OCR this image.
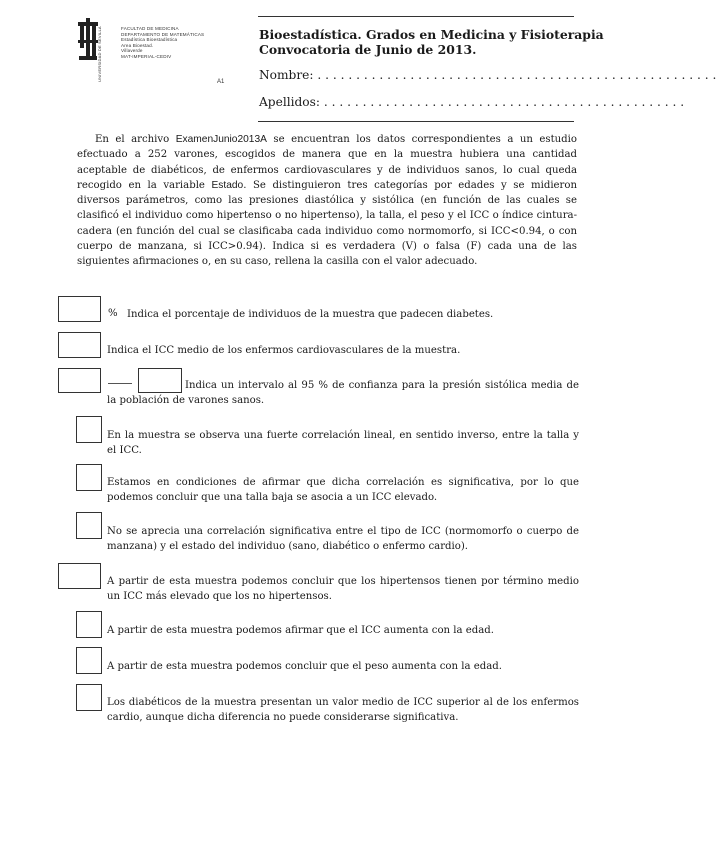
UNIVERSIDAD DE SEVILLA	FACULTAD DE MEDICINA
DEPARTAMENTO DE MATEMÁTICAS
Estadística Bioestadística
Area Bioestad.
Villaverde
MAT-IMPERIAL-CEDIV
A1
Bioestadística. Grados en Medicina y Fisioterapia
Convocatoria de Junio de 2013.
Nombre: . . . . . . . . . . . . . . . . . . . . . . . . . . . . . . . . . . . . . . . . . . . . . . . . . . . .
Apellidos: . . . . . . . . . . . . . . . . . . . . . . . . . . . . . . . . . . . . . . . . . . . . . . .

En el archivo ExamenJunio2013A se encuentran los datos correspondientes a un estudio efectuado a 252 varones, escogidos de manera que en la muestra hubiera una cantidad aceptable de diabéticos, de enfermos cardiovasculares y de individuos sanos, lo cual queda recogido en la variable Estado. Se distinguieron tres categorías por edades y se midieron diversos parámetros, como las presiones diastólica y sistólica (en función de las cuales se clasificó el individuo como hipertenso o no hipertenso), la talla, el peso y el ICC o índice cintura-cadera (en función del cual se clasificaba cada individuo como normomorfo, si ICC<0.94, o con cuerpo de manzana, si ICC>0.94). Indica si es verdadera (V) o falsa (F) cada una de las siguientes afirmaciones o, en su caso, rellena la casilla con el valor adecuado.

% Indica el porcentaje de individuos de la muestra que padecen diabetes.
Indica el ICC medio de los enfermos cardiovasculares de la muestra.
Indica un intervalo al 95 % de confianza para la presión sistólica media de la población de varones sanos.
En la muestra se observa una fuerte correlación lineal, en sentido inverso, entre la talla y el ICC.
Estamos en condiciones de afirmar que dicha correlación es significativa, por lo que podemos concluir que una talla baja se asocia a un ICC elevado.
No se aprecia una correlación significativa entre el tipo de ICC (normomorfo o cuerpo de manzana) y el estado del individuo (sano, diabético o enfermo cardio).
A partir de esta muestra podemos concluir que los hipertensos tienen por término medio un ICC más elevado que los no hipertensos.
A partir de esta muestra podemos afirmar que el ICC aumenta con la edad.
A partir de esta muestra podemos concluir que el peso aumenta con la edad.
Los diabéticos de la muestra presentan un valor medio de ICC superior al de los enfermos cardio, aunque dicha diferencia no puede considerarse significativa.
